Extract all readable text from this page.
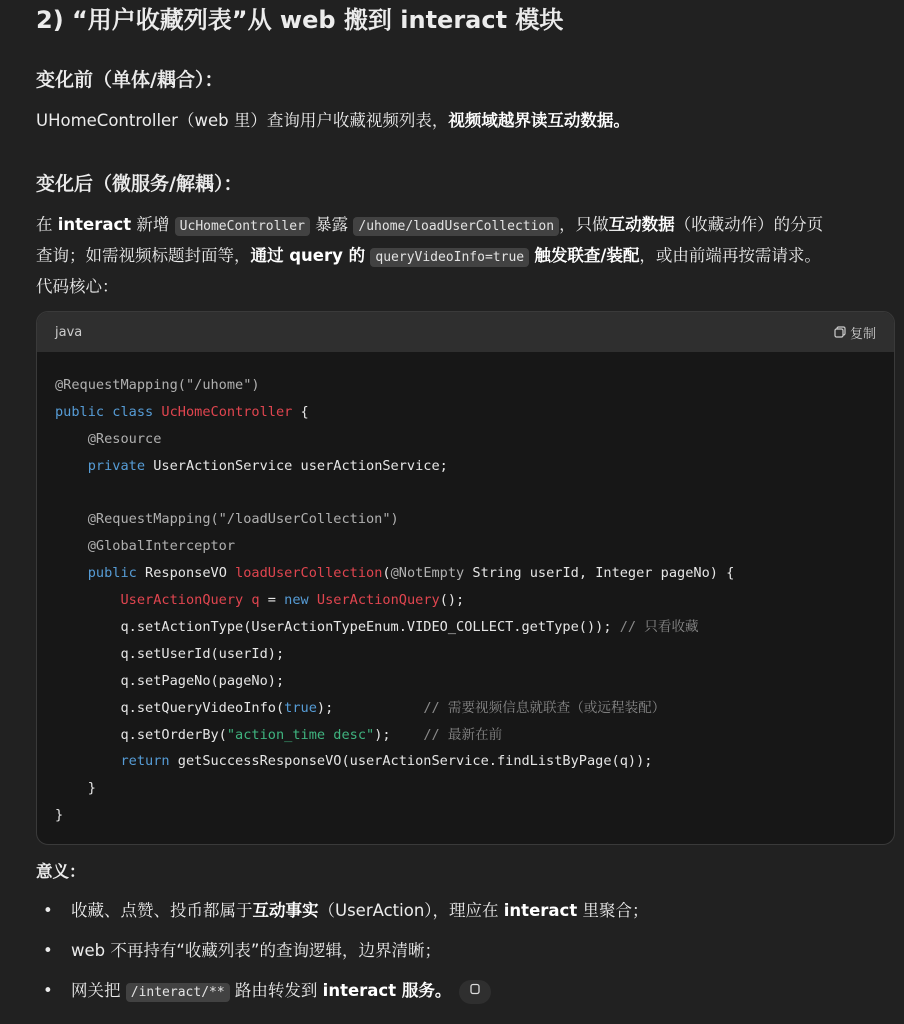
2) “用户收藏列表”从 web 搬到 interact 模块
变化前（单体/耦合）：
UHomeController（web 里）查询用户收藏视频列表，视频域越界读互动数据。
变化后（微服务/解耦）：
在 interact 新增 UcHomeController 暴露 /uhome/loadUserCollection ，只做互动数据（收藏动作）的分页
查询；如需视频标题封面等，通过 query 的 queryVideoInfo=true 触发联查/装配，或由前端再按需请求。
代码核心：
java	复制
@RequestMapping("/uhome")
public class UcHomeController {
@Resource
private UserActionService userActionService;
@RequestMapping("/loadUserCollection")
@GlobalInterceptor
public ResponseVO loadUserCollection(@NotEmpty String userId, Integer pageNo) {
UserActionQuery q = new UserActionQuery();
q.setActionType(UserActionTypeEnum.VIDEO_COLLECT.getType()); // 只看收藏
q.setUserId(userId);
q.setPageNo(pageNo);
q.setQueryVideoInfo(true);           // 需要视频信息就联查（或远程装配）
q.setOrderBy("action_time desc");    // 最新在前
return getSuccessResponseVO(userActionService.findListByPage(q));
}
}
意义：
• 收藏、点赞、投币都属于互动事实（UserAction），理应在 interact 里聚合；
• web 不再持有“收藏列表”的查询逻辑，边界清晰；
• 网关把 /interact/** 路由转发到 interact 服务。
